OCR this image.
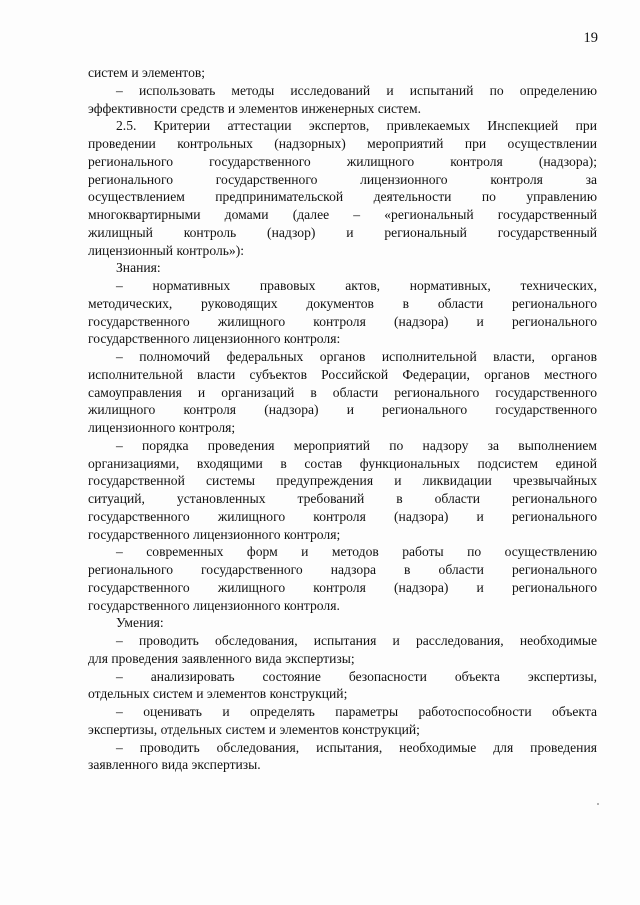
19
систем и элементов;
– использовать методы исследований и испытаний по определению
эффективности средств и элементов инженерных систем.
2.5. Критерии аттестации экспертов, привлекаемых Инспекцией при
проведении контрольных (надзорных) мероприятий при осуществлении
регионального государственного жилищного контроля (надзора);
регионального государственного лицензионного контроля за
осуществлением предпринимательской деятельности по управлению
многоквартирными домами (далее – «региональный государственный
жилищный контроль (надзор) и региональный государственный
лицензионный контроль»):
Знания:
– нормативных правовых актов, нормативных, технических,
методических, руководящих документов в области регионального
государственного жилищного контроля (надзора) и регионального
государственного лицензионного контроля:
– полномочий федеральных органов исполнительной власти, органов
исполнительной власти субъектов Российской Федерации, органов местного
самоуправления и организаций в области регионального государственного
жилищного контроля (надзора) и регионального государственного
лицензионного контроля;
– порядка проведения мероприятий по надзору за выполнением
организациями, входящими в состав функциональных подсистем единой
государственной системы предупреждения и ликвидации чрезвычайных
ситуаций, установленных требований в области регионального
государственного жилищного контроля (надзора) и регионального
государственного лицензионного контроля;
– современных форм и методов работы по осуществлению
регионального государственного надзора в области регионального
государственного жилищного контроля (надзора) и регионального
государственного лицензионного контроля.
Умения:
– проводить обследования, испытания и расследования, необходимые
для проведения заявленного вида экспертизы;
– анализировать состояние безопасности объекта экспертизы,
отдельных систем и элементов конструкций;
– оценивать и определять параметры работоспособности объекта
экспертизы, отдельных систем и элементов конструкций;
– проводить обследования, испытания, необходимые для проведения
заявленного вида экспертизы.
